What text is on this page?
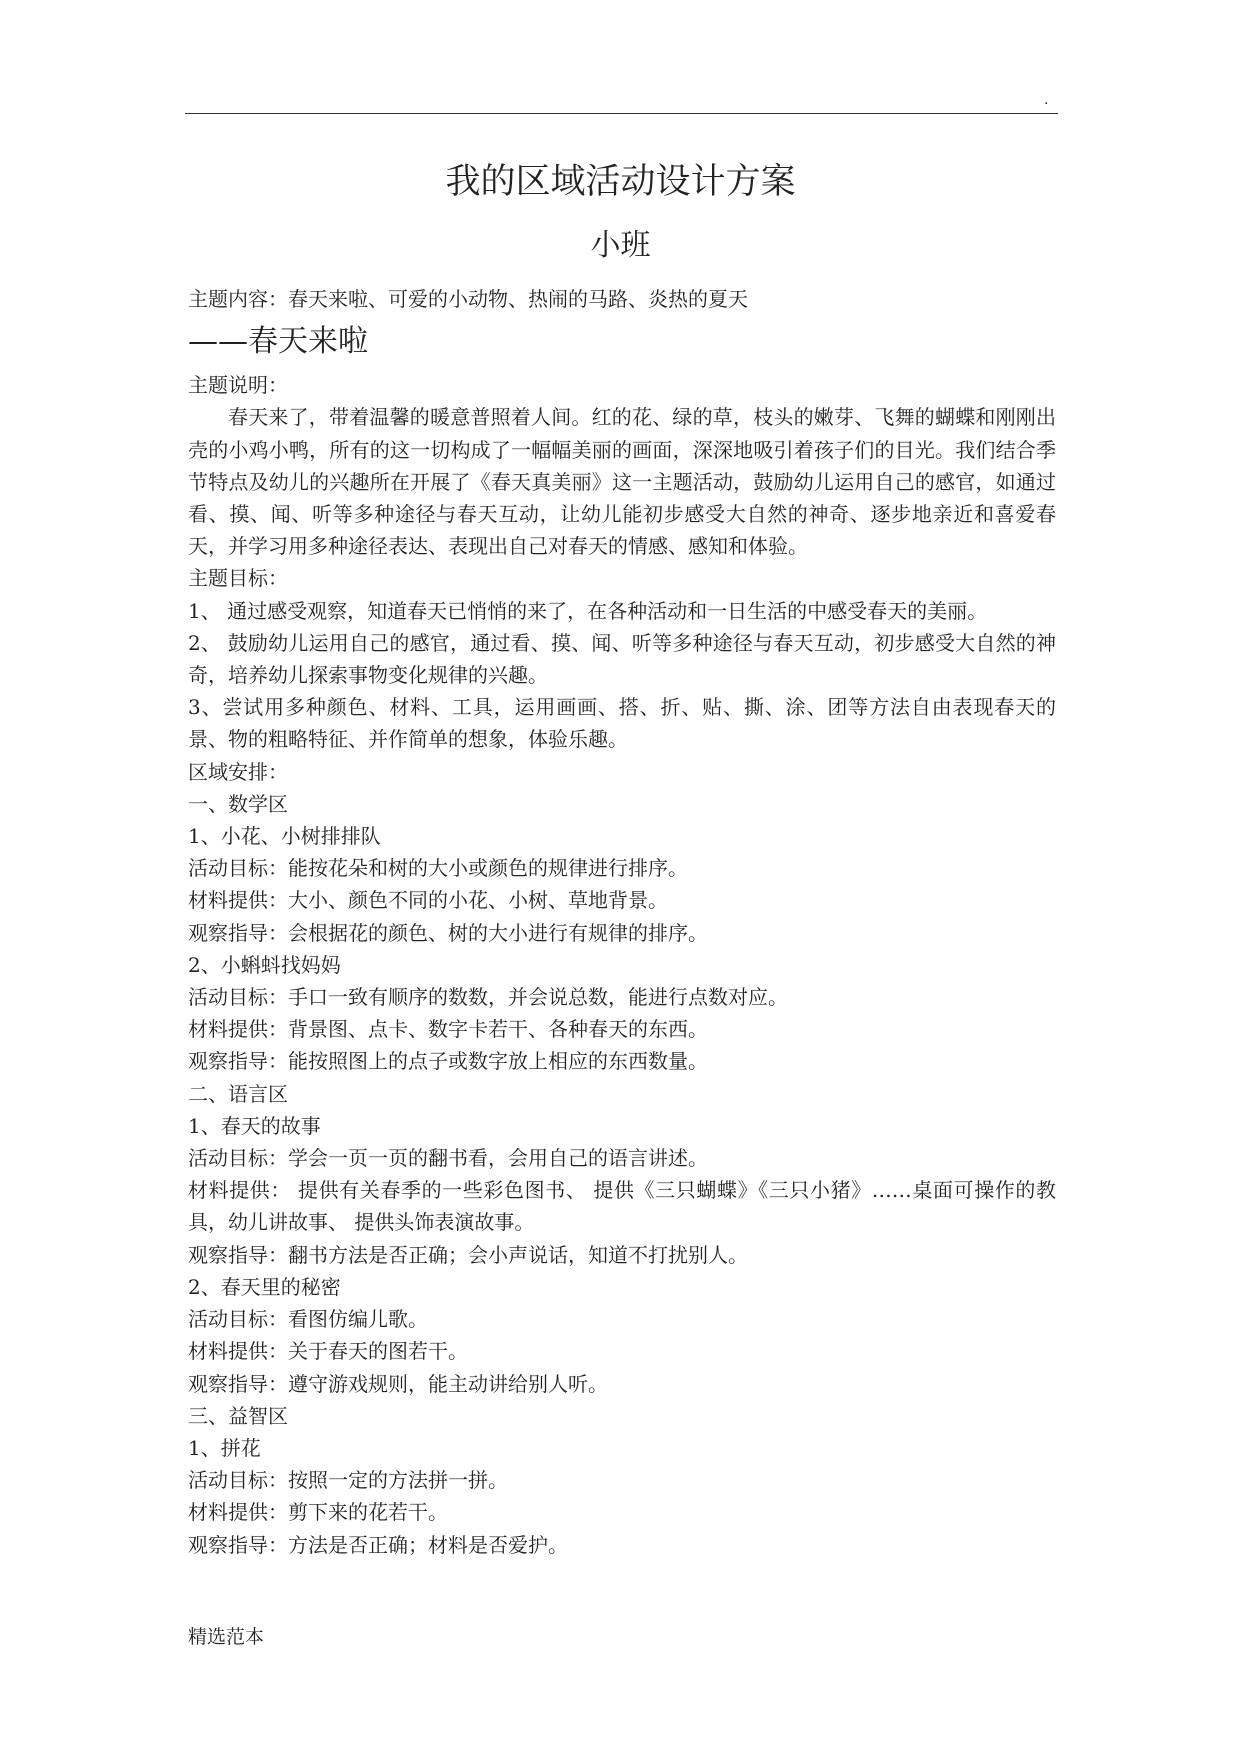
.
我的区域活动设计方案
小班

主题内容：春天来啦、可爱的小动物、热闹的马路、炎热的夏天

——春天来啦

主题说明：

春天来了，带着温馨的暖意普照着人间。红的花、绿的草，枝头的嫩芽、飞舞的蝴蝶和刚刚出壳的小鸡小鸭，所有的这一切构成了一幅幅美丽的画面，深深地吸引着孩子们的目光。我们结合季节特点及幼儿的兴趣所在开展了《春天真美丽》这一主题活动，鼓励幼儿运用自己的感官，如通过看、摸、闻、听等多种途径与春天互动，让幼儿能初步感受大自然的神奇、逐步地亲近和喜爱春天，并学习用多种途径表达、表现出自己对春天的情感、感知和体验。

主题目标：

1、 通过感受观察，知道春天已悄悄的来了，在各种活动和一日生活的中感受春天的美丽。

2、 鼓励幼儿运用自己的感官，通过看、摸、闻、听等多种途径与春天互动，初步感受大自然的神奇，培养幼儿探索事物变化规律的兴趣。

3、尝试用多种颜色、材料、工具，运用画画、搭、折、贴、撕、涂、团等方法自由表现春天的景、物的粗略特征、并作简单的想象，体验乐趣。

区域安排：

一、数学区

1、小花、小树排排队

活动目标：能按花朵和树的大小或颜色的规律进行排序。

材料提供：大小、颜色不同的小花、小树、草地背景。

观察指导：会根据花的颜色、树的大小进行有规律的排序。

2、小蝌蚪找妈妈

活动目标：手口一致有顺序的数数，并会说总数，能进行点数对应。

材料提供：背景图、点卡、数字卡若干、各种春天的东西。

观察指导：能按照图上的点子或数字放上相应的东西数量。

二、语言区

1、春天的故事

活动目标：学会一页一页的翻书看，会用自己的语言讲述。

材料提供： 提供有关春季的一些彩色图书、 提供《三只蝴蝶》《三只小猪》……桌面可操作的教具，幼儿讲故事、 提供头饰表演故事。

观察指导：翻书方法是否正确；会小声说话，知道不打扰别人。

2、春天里的秘密

活动目标：看图仿编儿歌。

材料提供：关于春天的图若干。

观察指导：遵守游戏规则，能主动讲给别人听。

三、益智区

1、拼花

活动目标：按照一定的方法拼一拼。

材料提供：剪下来的花若干。

观察指导：方法是否正确；材料是否爱护。

精选范本
